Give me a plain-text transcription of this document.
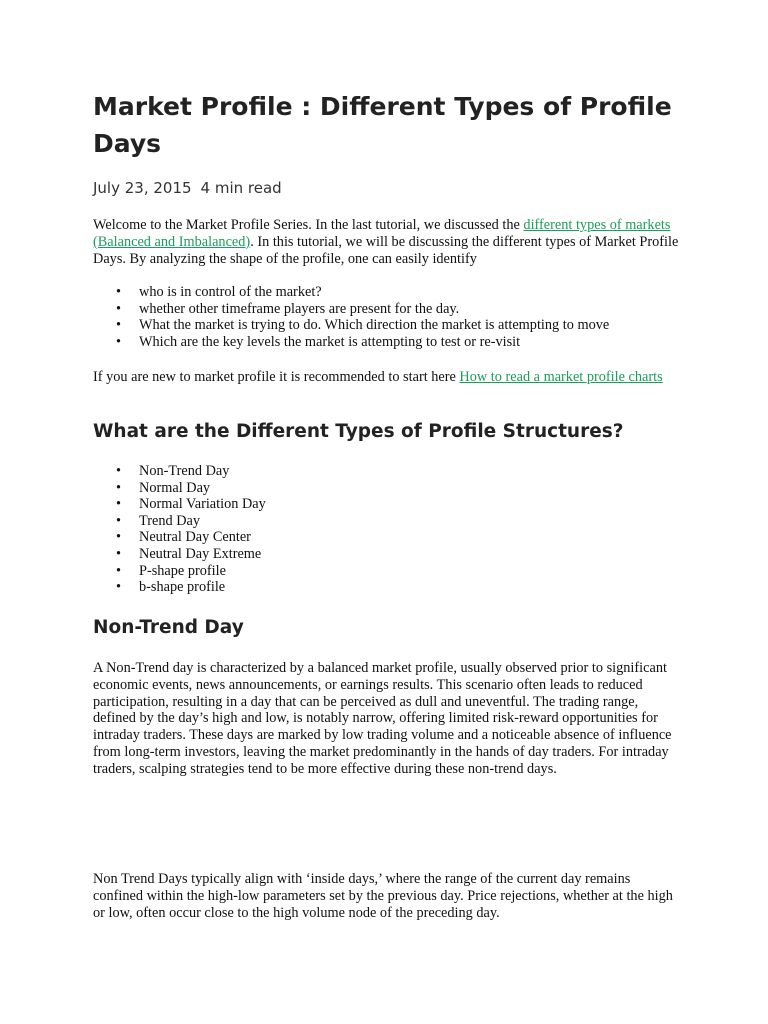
Market Profile : Different Types of Profile Days
July 23, 2015 4 min read

Welcome to the Market Profile Series. In the last tutorial, we discussed the different types of markets (Balanced and Imbalanced). In this tutorial, we will be discussing the different types of Market Profile Days. By analyzing the shape of the profile, one can easily identify

• who is in control of the market?
• whether other timeframe players are present for the day.
• What the market is trying to do. Which direction the market is attempting to move
• Which are the key levels the market is attempting to test or re-visit

If you are new to market profile it is recommended to start here How to read a market profile charts

What are the Different Types of Profile Structures?
• Non-Trend Day
• Normal Day
• Normal Variation Day
• Trend Day
• Neutral Day Center
• Neutral Day Extreme
• P-shape profile
• b-shape profile
Non-Trend Day

A Non-Trend day is characterized by a balanced market profile, usually observed prior to significant economic events, news announcements, or earnings results. This scenario often leads to reduced participation, resulting in a day that can be perceived as dull and uneventful. The trading range, defined by the day’s high and low, is notably narrow, offering limited risk-reward opportunities for intraday traders. These days are marked by low trading volume and a noticeable absence of influence from long-term investors, leaving the market predominantly in the hands of day traders. For intraday traders, scalping strategies tend to be more effective during these non-trend days.

Non Trend Days typically align with ‘inside days,’ where the range of the current day remains confined within the high-low parameters set by the previous day. Price rejections, whether at the high or low, often occur close to the high volume node of the preceding day.
